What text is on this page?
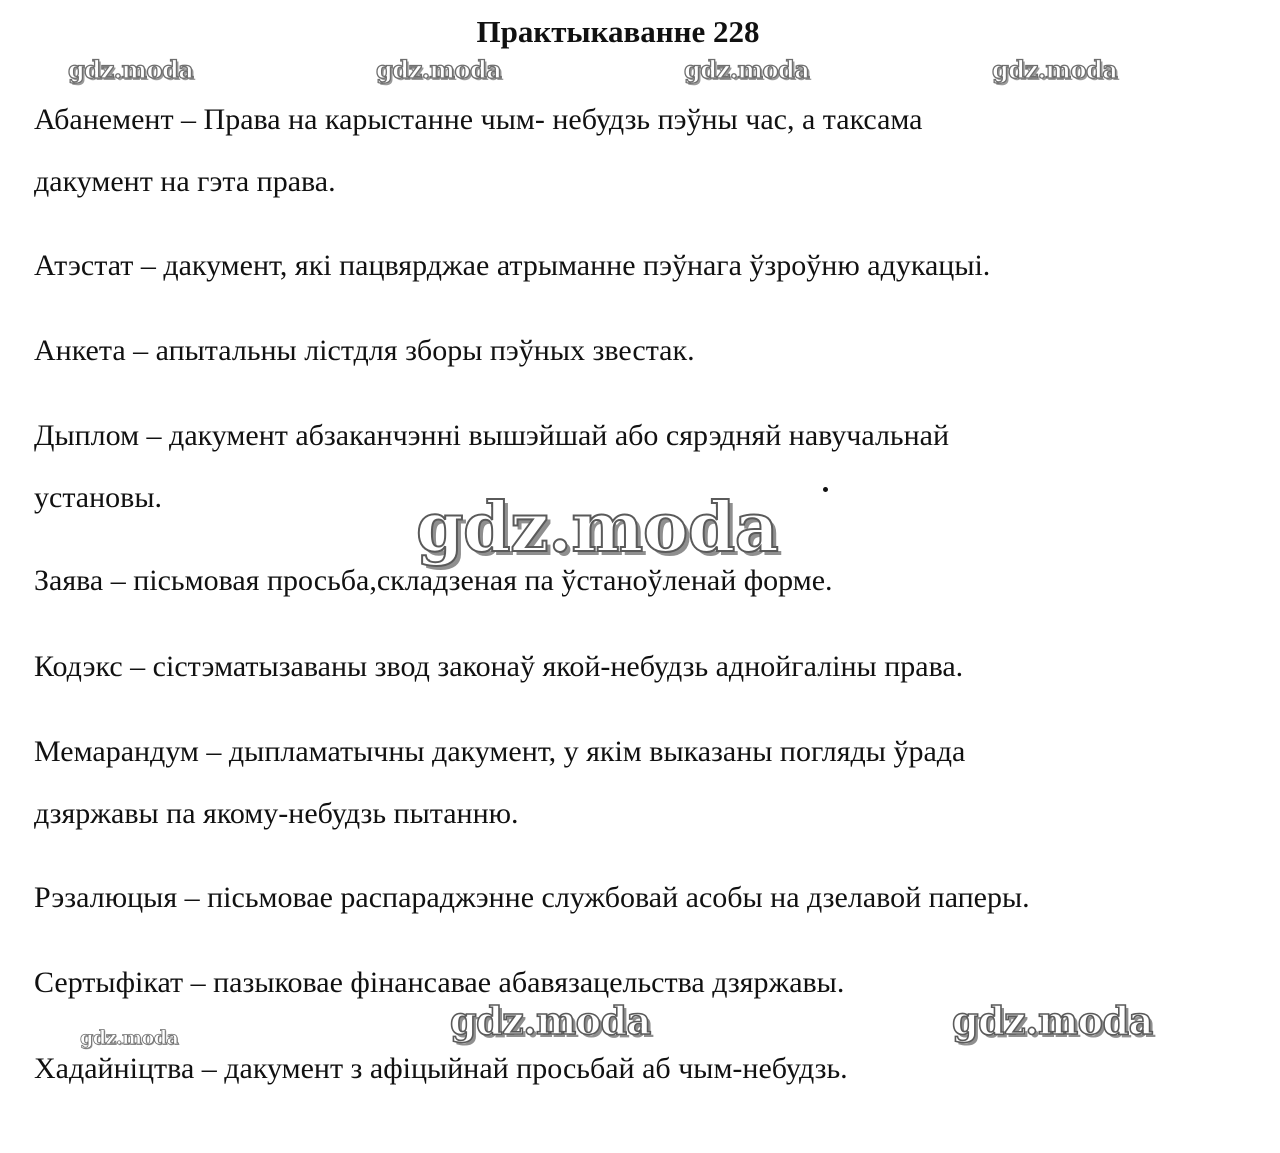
Практыкаванне 228
gdz.moda	gdz.moda	gdz.moda	gdz.moda

Абанемент – Права на карыстанне чым- небудзь пэўны час, а таксама
дакумент на гэта права.

Атэстат – дакумент, які пацвярджае атрыманне пэўнага ўзроўню адукацыі.

Анкета – апытальны лістдля зборы пэўных звестак.

Дыплом – дакумент абзаканчэнні вышэйшай або сярэдняй навучальнай
установы.

Заява – пісьмовая просьба,складзеная па ўстаноўленай форме.

Кодэкс – сістэматызаваны звод законаў якой-небудзь аднойгаліны права.

Мемарандум – дыпламатычны дакумент, у якім выказаны погляды ўрада
дзяржавы па якому-небудзь пытанню.

Рэзалюцыя – пісьмовае распараджэнне службовай асобы на дзелавой паперы.

Сертыфікат – пазыковае фінансавае абавязацельства дзяржавы.

Хадайніцтва – дакумент з афіцыйнай просьбай аб чым-небудзь.

gdz.moda
gdz.moda	gdz.moda	gdz.moda
